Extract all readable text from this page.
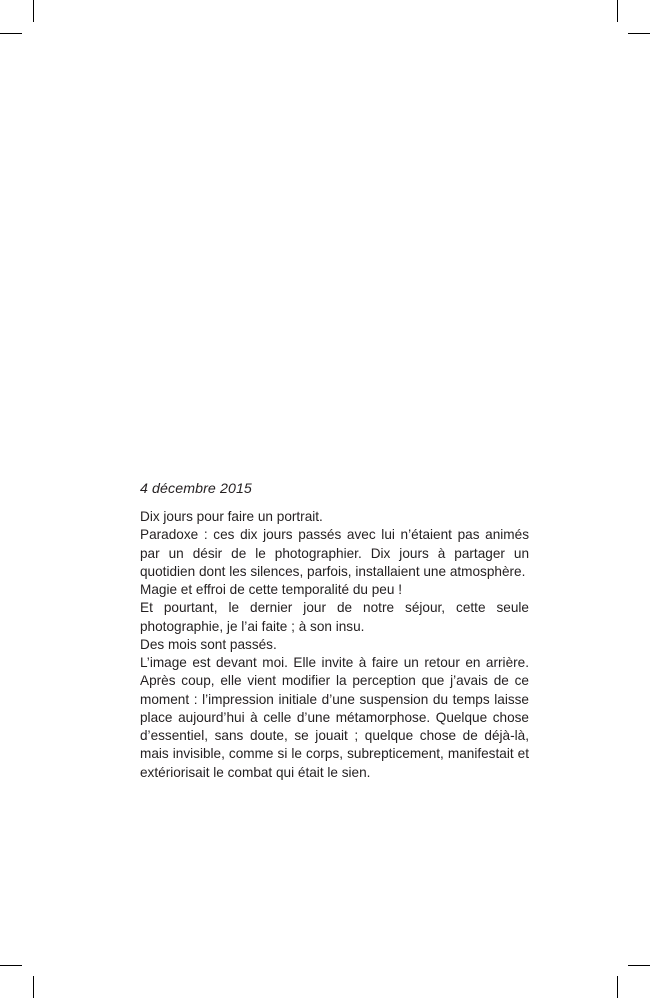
4 décembre 2015

Dix jours pour faire un portrait.

Paradoxe : ces dix jours passés avec lui n’étaient pas animés par un désir de le photographier. Dix jours à partager un quotidien dont les silences, parfois, installaient une atmosphère.

Magie et effroi de cette temporalité du peu !

Et pourtant, le dernier jour de notre séjour, cette seule photographie, je l’ai faite ; à son insu.

Des mois sont passés.

L’image est devant moi. Elle invite à faire un retour en arrière. Après coup, elle vient modifier la perception que j’avais de ce moment : l’impression initiale d’une suspension du temps laisse place aujourd’hui à celle d’une métamorphose. Quelque chose d’essentiel, sans doute, se jouait ; quelque chose de déjà-là, mais invisible, comme si le corps, subrepticement, manifestait et extériorisait le combat qui était le sien.
